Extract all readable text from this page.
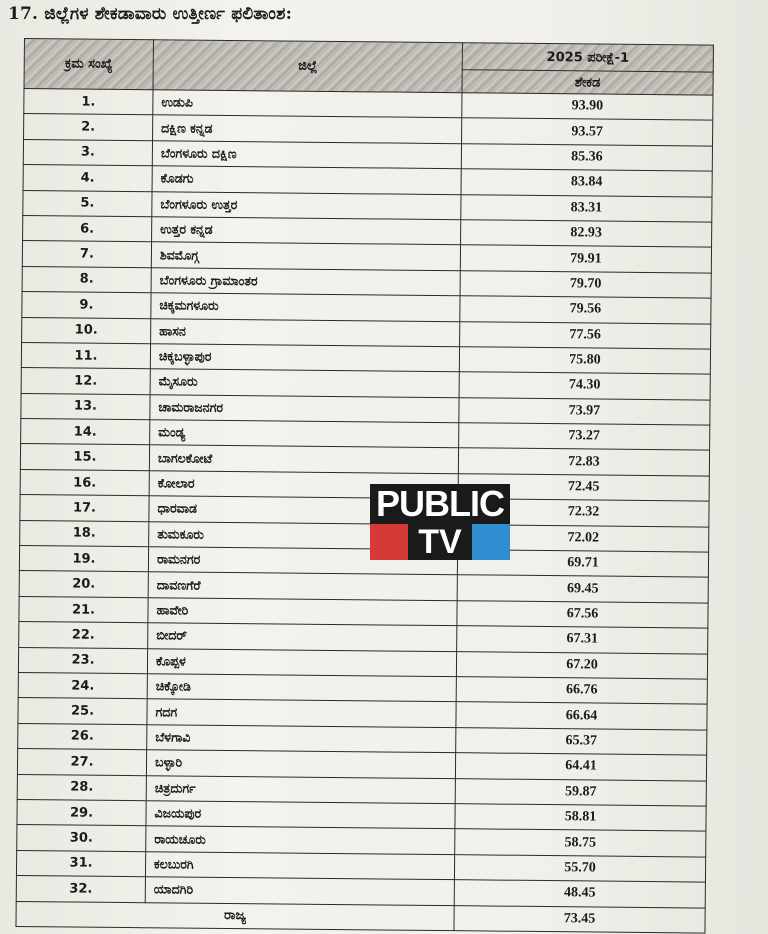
17. ಜಿಲ್ಲೆಗಳ ಶೇಕಡಾವಾರು ಉತ್ತೀರ್ಣ ಫಲಿತಾಂಶ:
ಕ್ರಮ ಸಂಖ್ಯೆ	ಜಿಲ್ಲೆ	2025 ಪರೀಕ್ಷೆ-1
		ಶೇಕಡ
1.	ಉಡುಪಿ	93.90
2.	ದಕ್ಷಿಣ ಕನ್ನಡ	93.57
3.	ಬೆಂಗಳೂರು ದಕ್ಷಿಣ	85.36
4.	ಕೊಡಗು	83.84
5.	ಬೆಂಗಳೂರು ಉತ್ತರ	83.31
6.	ಉತ್ತರ ಕನ್ನಡ	82.93
7.	ಶಿವಮೊಗ್ಗ	79.91
8.	ಬೆಂಗಳೂರು ಗ್ರಾಮಾಂತರ	79.70
9.	ಚಿಕ್ಕಮಗಳೂರು	79.56
10.	ಹಾಸನ	77.56
11.	ಚಿಕ್ಕಬಳ್ಳಾಪುರ	75.80
12.	ಮೈಸೂರು	74.30
13.	ಚಾಮರಾಜನಗರ	73.97
14.	ಮಂಡ್ಯ	73.27
15.	ಬಾಗಲಕೋಟೆ	72.83
16.	ಕೋಲಾರ	72.45
17.	ಧಾರವಾಡ	72.32
18.	ತುಮಕೂರು	72.02
19.	ರಾಮನಗರ	69.71
20.	ದಾವಣಗೆರೆ	69.45
21.	ಹಾವೇರಿ	67.56
22.	ಬೀದರ್	67.31
23.	ಕೊಪ್ಪಳ	67.20
24.	ಚಿಕ್ಕೋಡಿ	66.76
25.	ಗದಗ	66.64
26.	ಬೆಳಗಾವಿ	65.37
27.	ಬಳ್ಳಾರಿ	64.41
28.	ಚಿತ್ರದುರ್ಗ	59.87
29.	ವಿಜಯಪುರ	58.81
30.	ರಾಯಚೂರು	58.75
31.	ಕಲಬುರಗಿ	55.70
32.	ಯಾದಗಿರಿ	48.45
ರಾಜ್ಯ		73.45
PUBLIC
TV
